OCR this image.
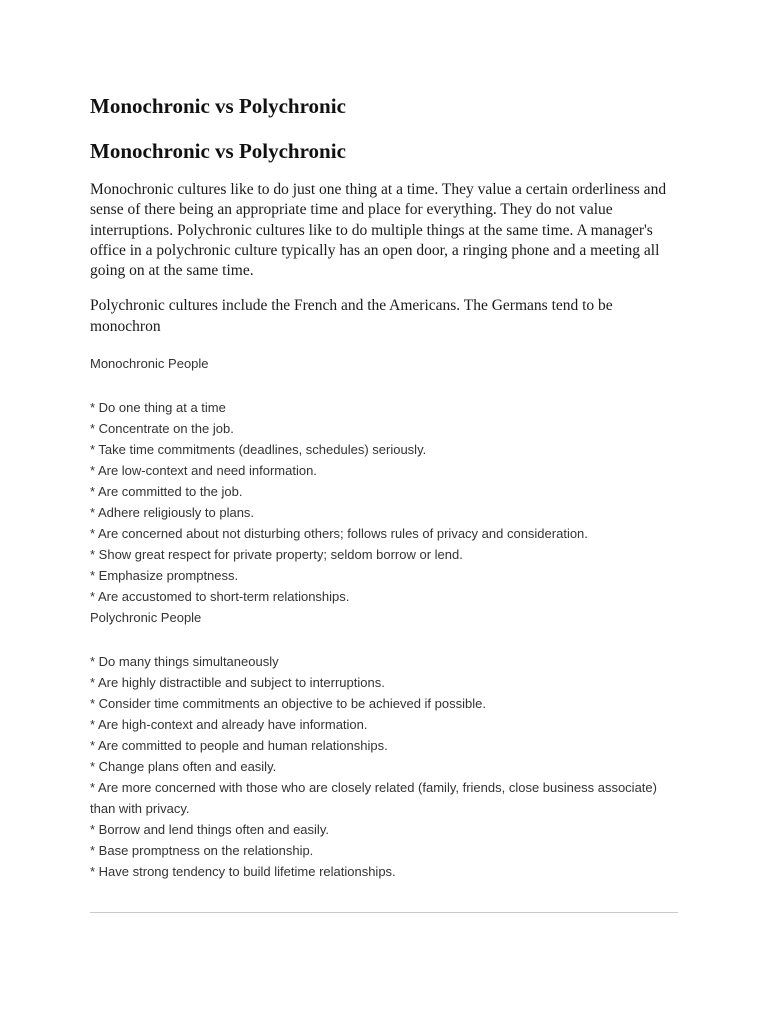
Monochronic vs Polychronic
Monochronic vs Polychronic

Monochronic cultures like to do just one thing at a time. They value a certain orderliness and sense of there being an appropriate time and place for everything. They do not value interruptions. Polychronic cultures like to do multiple things at the same time. A manager's office in a polychronic culture typically has an open door, a ringing phone and a meeting all going on at the same time.

Polychronic cultures include the French and the Americans. The Germans tend to be monochron

Monochronic People

* Do one thing at a time
* Concentrate on the job.
* Take time commitments (deadlines, schedules) seriously.
* Are low-context and need information.
* Are committed to the job.
* Adhere religiously to plans.
* Are concerned about not disturbing others; follows rules of privacy and consideration.
* Show great respect for private property; seldom borrow or lend.
* Emphasize promptness.
* Are accustomed to short-term relationships.

Polychronic People

* Do many things simultaneously
* Are highly distractible and subject to interruptions.
* Consider time commitments an objective to be achieved if possible.
* Are high-context and already have information.
* Are committed to people and human relationships.
* Change plans often and easily.
* Are more concerned with those who are closely related (family, friends, close business associate) than with privacy.
* Borrow and lend things often and easily.
* Base promptness on the relationship.
* Have strong tendency to build lifetime relationships.
